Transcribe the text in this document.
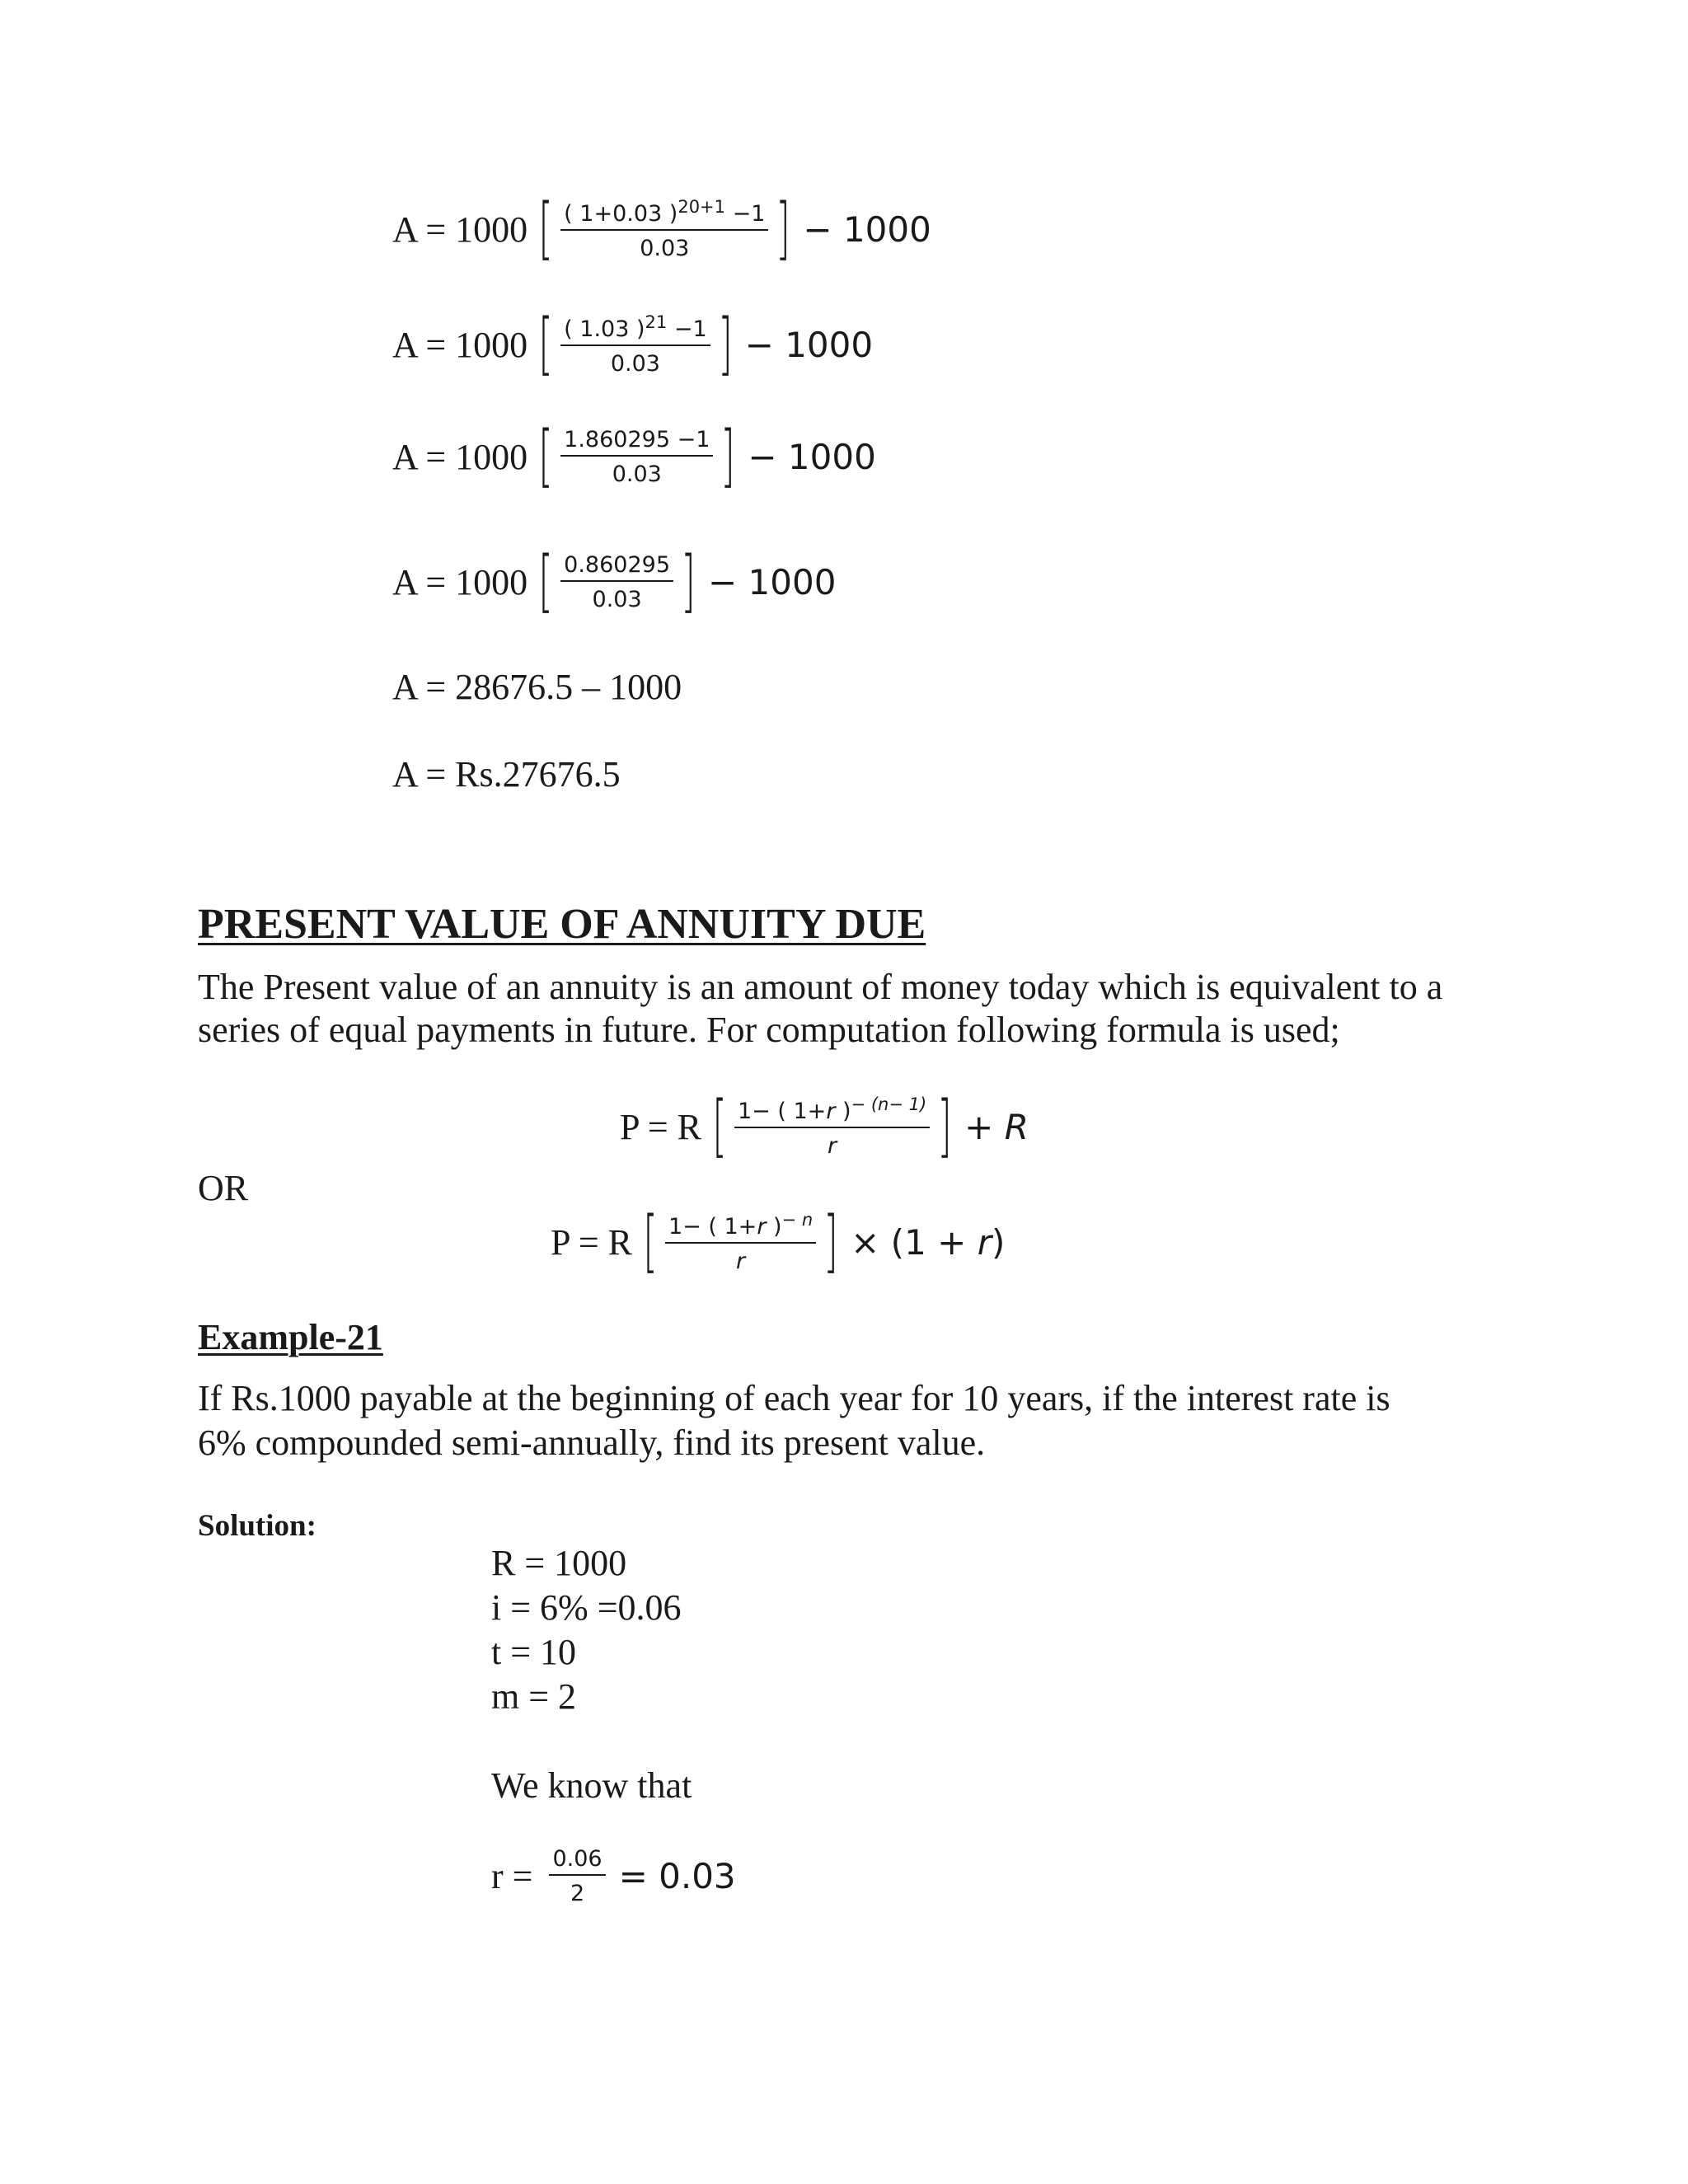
A = 1000 [ $\frac{( 1+0.03 )^{20+1} -1}{0.03}$ ] − 1000
A = 1000 [ $\frac{( 1.03 )^{21} -1}{0.03}$ ] − 1000
A = 1000 [ $\frac{1.860295 -1}{0.03}$ ] − 1000
A = 1000 [ $\frac{0.860295}{0.03}$ ] − 1000
A = 28676.5 – 1000
A = Rs.27676.5
PRESENT VALUE OF ANNUITY DUE
The Present value of an annuity is an amount of money today which is equivalent to a
series of equal payments in future. For computation following formula is used;
P = R [ $\frac{1- ( 1+r )^{- (n- 1)}}{r}$ ] + R
OR
P = R [ $\frac{1- ( 1+r )^{- n}}{r}$ ] × (1 + r)
Example-21
If Rs.1000 payable at the beginning of each year for 10 years, if the interest rate is
6% compounded semi-annually, find its present value.
Solution:
R = 1000
i = 6% =0.06
t = 10
m = 2
We know that
$r = \frac{0.06}{2} = 0.03$
